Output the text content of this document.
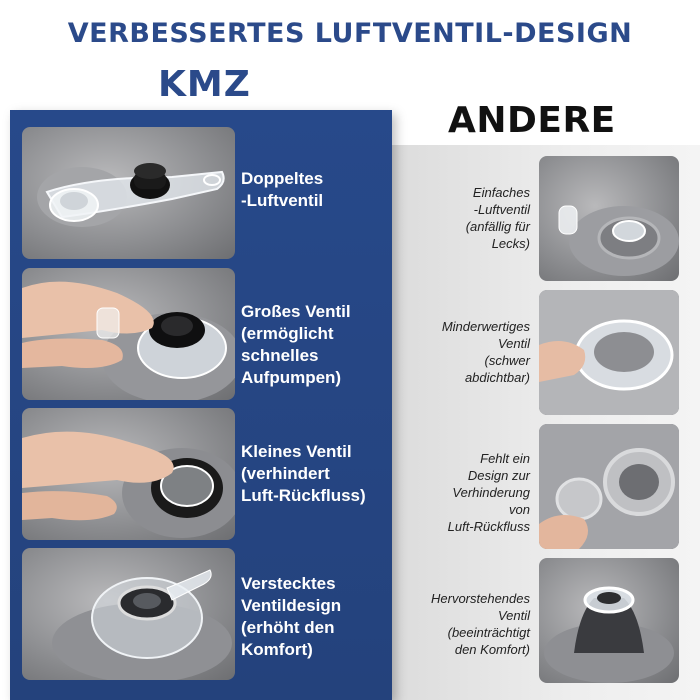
VERBESSERTES LUFTVENTIL-DESIGN
KMZ
ANDERE
Doppeltes
-Luftventil
Großes Ventil
(ermöglicht
schnelles
Aufpumpen)
Kleines Ventil
(verhindert
Luft-Rückfluss)
Verstecktes
Ventildesign
(erhöht den
Komfort)
Einfaches
-Luftventil
(anfällig für
Lecks)
Minderwertiges
Ventil
(schwer
abdichtbar)
Fehlt ein
Design zur
Verhinderung
von
Luft-Rückfluss
Hervorstehendes
Ventil
(beeinträchtigt
den Komfort)
